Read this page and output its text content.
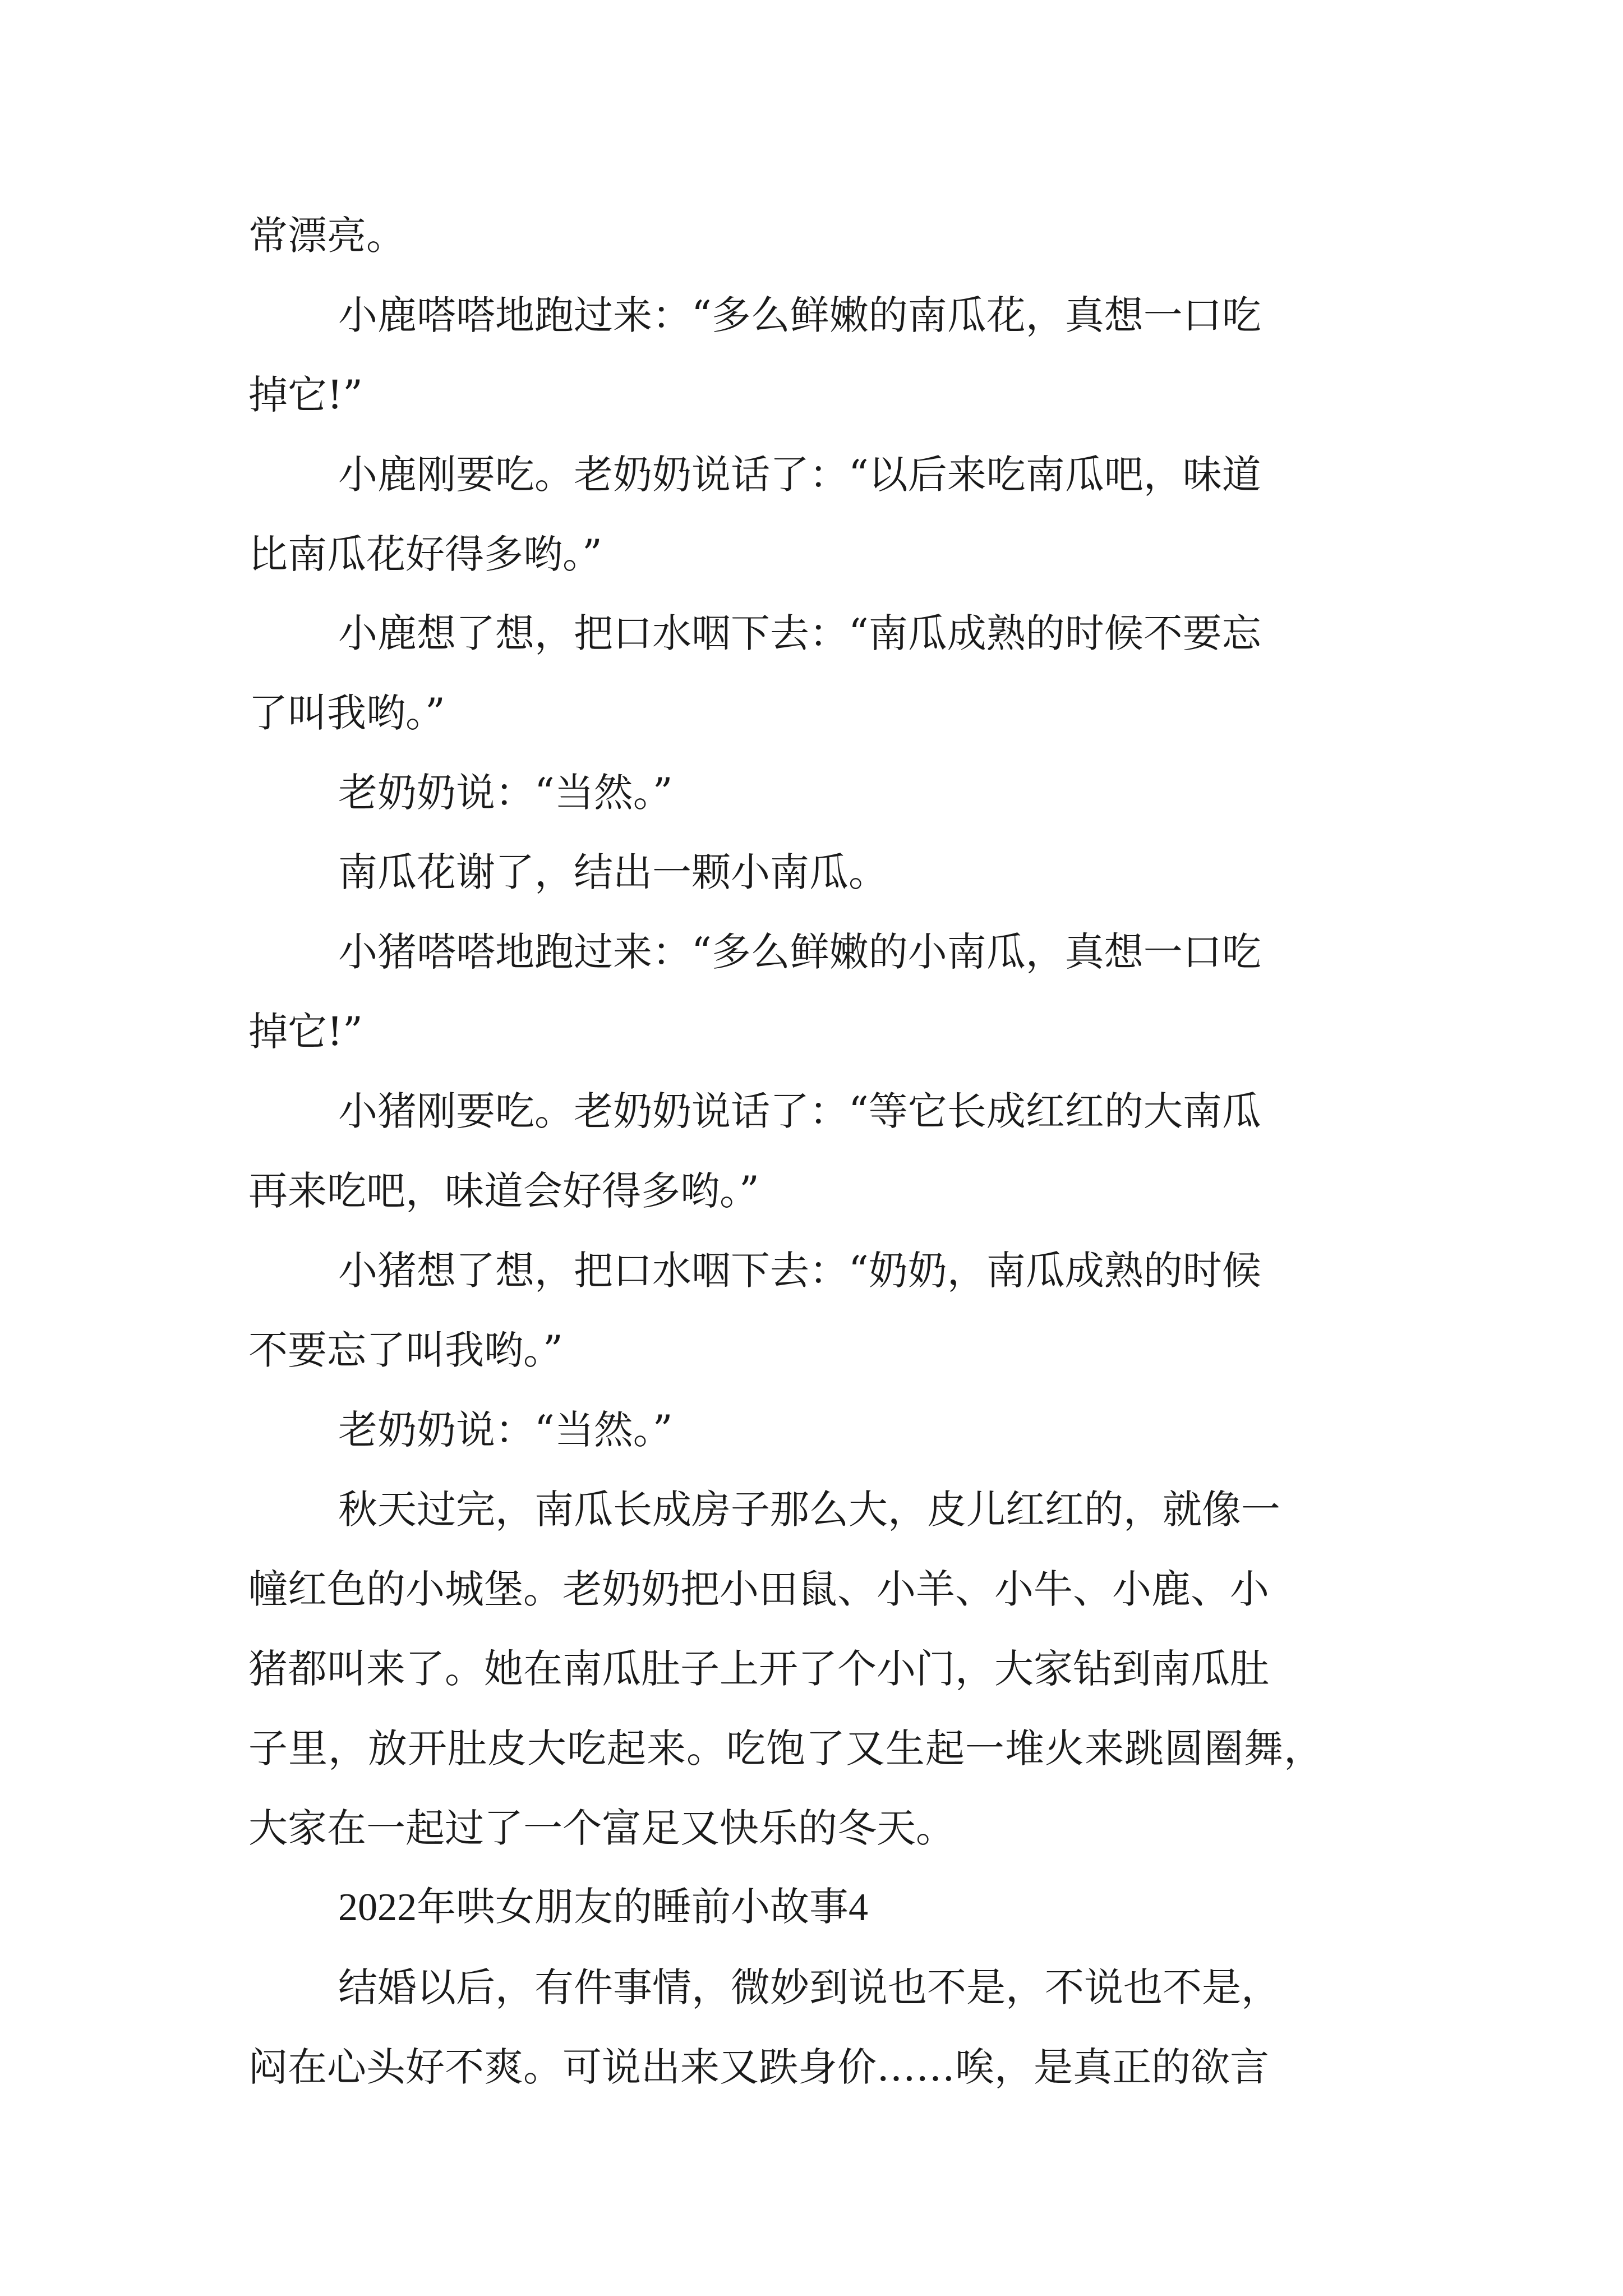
常漂亮。
小鹿嗒嗒地跑过来：“多么鲜嫩的南瓜花，真想一口吃
掉它!”
小鹿刚要吃。老奶奶说话了：“以后来吃南瓜吧，味道
比南瓜花好得多哟。”
小鹿想了想，把口水咽下去：“南瓜成熟的时候不要忘
了叫我哟。”
老奶奶说：“当然。”
南瓜花谢了，结出一颗小南瓜。
小猪嗒嗒地跑过来：“多么鲜嫩的小南瓜，真想一口吃
掉它!”
小猪刚要吃。老奶奶说话了：“等它长成红红的大南瓜
再来吃吧，味道会好得多哟。”
小猪想了想，把口水咽下去：“奶奶，南瓜成熟的时候
不要忘了叫我哟。”
老奶奶说：“当然。”
秋天过完，南瓜长成房子那么大，皮儿红红的，就像一
幢红色的小城堡。老奶奶把小田鼠、小羊、小牛、小鹿、小
猪都叫来了。她在南瓜肚子上开了个小门，大家钻到南瓜肚
子里，放开肚皮大吃起来。吃饱了又生起一堆火来跳圆圈舞，
大家在一起过了一个富足又快乐的冬天。
2022年哄女朋友的睡前小故事4
结婚以后，有件事情，微妙到说也不是，不说也不是，
闷在心头好不爽。可说出来又跌身价……唉，是真正的欲言
